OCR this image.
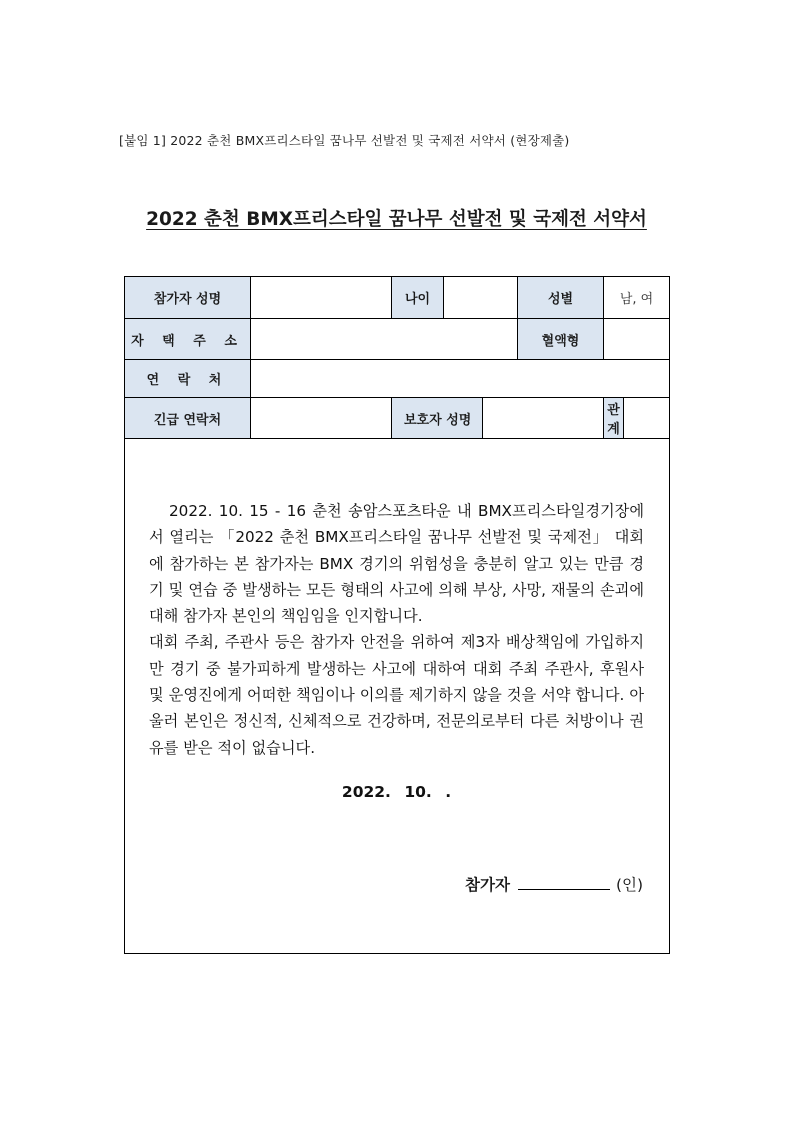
[붙임 1] 2022 춘천 BMX프리스타일 꿈나무 선발전 및 국제전 서약서 (현장제출)
2022 춘천 BMX프리스타일 꿈나무 선발전 및 국제전 서약서
참가자 성명		나이			성별	남, 여	
자 택 주 소					혈액형		
연 락 처							
긴급 연락처		보호자 성명				관계	

2022. 10. 15 - 16 춘천 송암스포츠타운 내 BMX프리스타일경기장에서 열리는 「2022 춘천 BMX프리스타일 꿈나무 선발전 및 국제전」 대회에 참가하는 본 참가자는 BMX 경기의 위험성을 충분히 알고 있는 만큼 경기 및 연습 중 발생하는 모든 형태의 사고에 의해 부상, 사망, 재물의 손괴에 대해 참가자 본인의 책임임을 인지합니다.

대회 주최, 주관사 등은 참가자 안전을 위하여 제3자 배상책임에 가입하지만 경기 중 불가피하게 발생하는 사고에 대하여 대회 주최 주관사, 후원사 및 운영진에게 어떠한 책임이나 이의를 제기하지 않을 것을 서약 합니다. 아울러 본인은 정신적, 신체적으로 건강하며, 전문의로부터 다른 처방이나 권유를 받은 적이 없습니다.

2022. 10. .
참가자 (인)							
